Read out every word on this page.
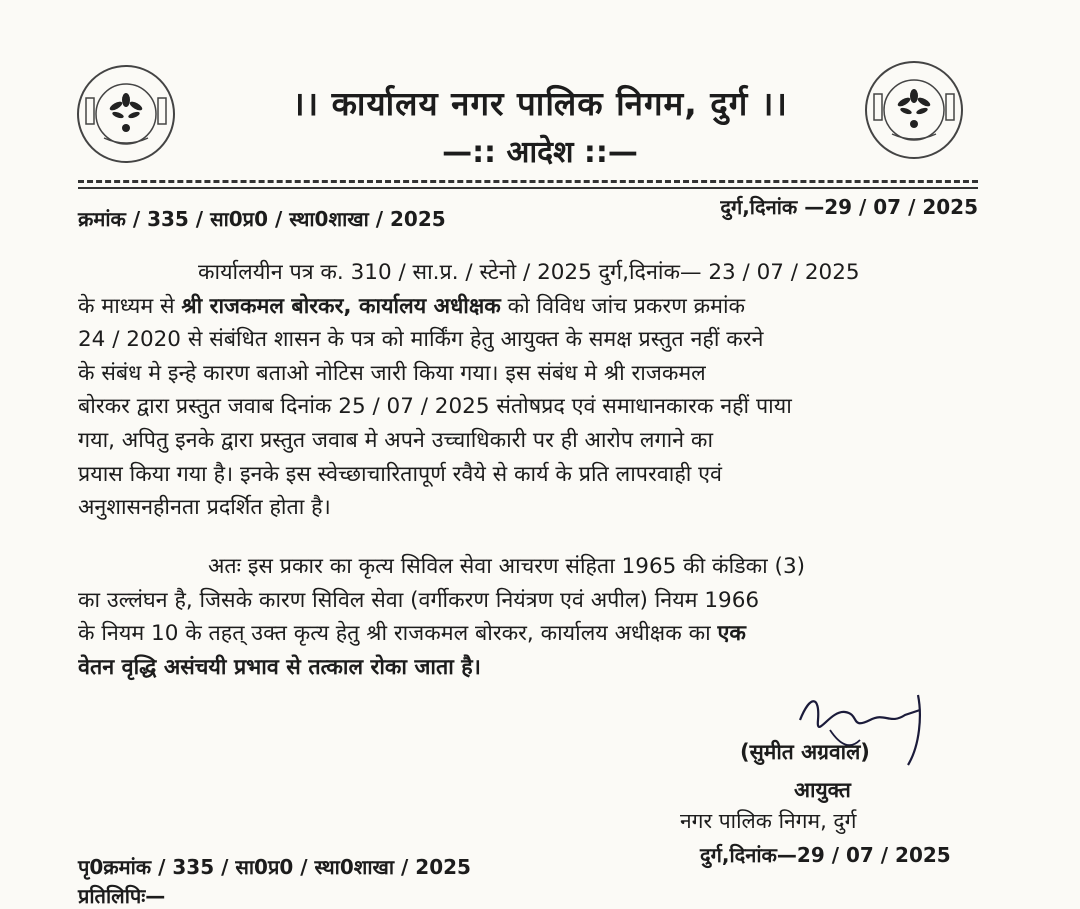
।। कार्यालय नगर पालिक निगम, दुर्ग ।।
—:: आदेश ::—
क्रमांक / 335 / सा0प्र0 / स्था0शाखा / 2025	दुर्ग,दिनांक —29 / 07 / 2025
कार्यालयीन पत्र क. 310 / सा.प्र. / स्टेनो / 2025 दुर्ग,दिनांक— 23 / 07 / 2025
के माध्यम से श्री राजकमल बोरकर, कार्यालय अधीक्षक को विविध जांच प्रकरण क्रमांक
24 / 2020 से संबंधित शासन के पत्र को मार्किंग हेतु आयुक्त के समक्ष प्रस्तुत नहीं करने
के संबंध मे इन्हे कारण बताओ नोटिस जारी किया गया। इस संबंध मे श्री राजकमल
बोरकर द्वारा प्रस्तुत जवाब दिनांक 25 / 07 / 2025 संतोषप्रद एवं समाधानकारक नहीं पाया
गया, अपितु इनके द्वारा प्रस्तुत जवाब मे अपने उच्चाधिकारी पर ही आरोप लगाने का
प्रयास किया गया है। इनके इस स्वेच्छाचारितापूर्ण रवैये से कार्य के प्रति लापरवाही एवं
अनुशासनहीनता प्रदर्शित होता है।
अतः इस प्रकार का कृत्य सिविल सेवा आचरण संहिता 1965 की कंडिका (3)
का उल्लंघन है, जिसके कारण सिविल सेवा (वर्गीकरण नियंत्रण एवं अपील) नियम 1966
के नियम 10 के तहत् उक्त कृत्य हेतु श्री राजकमल बोरकर, कार्यालय अधीक्षक का एक
वेतन वृद्धि असंचयी प्रभाव से तत्काल रोका जाता है।
(सुमीत अग्रवाल)
आयुक्त
नगर पालिक निगम, दुर्ग
दुर्ग,दिनांक—29 / 07 / 2025
पृ0क्रमांक / 335 / सा0प्र0 / स्था0शाखा / 2025
प्रतिलिपिः—
